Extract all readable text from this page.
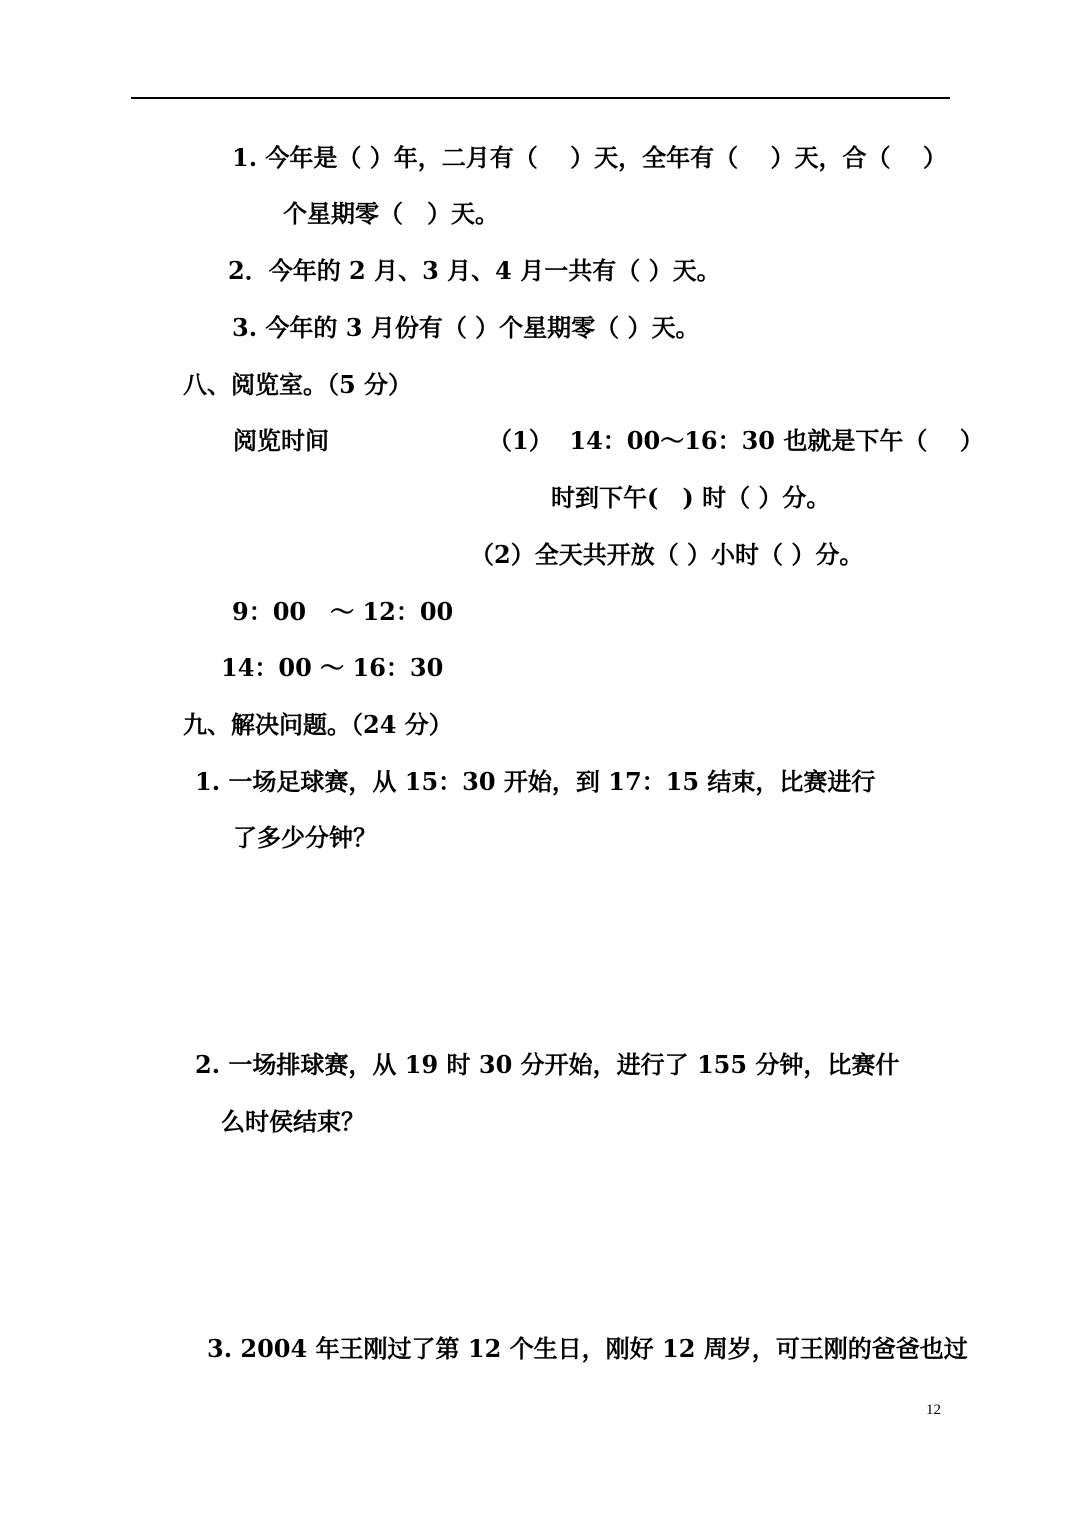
1. 今年是（ ）年，二月有（　 ）天，全年有（　 ）天，合（　 ）
个星期零（　）天。
2．今年的 2 月、3 月、4 月一共有（ ）天。
3. 今年的 3 月份有（ ）个星期零（ ）天。
八、阅览室。（5 分）
阅览时间	（1）  14：00～16：30 也就是下午（　 ）
时到下午(　) 时（ ）分。
（2）全天共开放（ ）小时（ ）分。
9：00　～ 12：00
14：00 ～ 16：30
九、解决问题。（24 分）
1. 一场足球赛，从 15：30 开始，到 17：15 结束，比赛进行
了多少分钟？
2. 一场排球赛，从 19 时 30 分开始，进行了 155 分钟，比赛什
么时侯结束？
3. 2004 年王刚过了第 12 个生日，刚好 12 周岁，可王刚的爸爸也过
12
